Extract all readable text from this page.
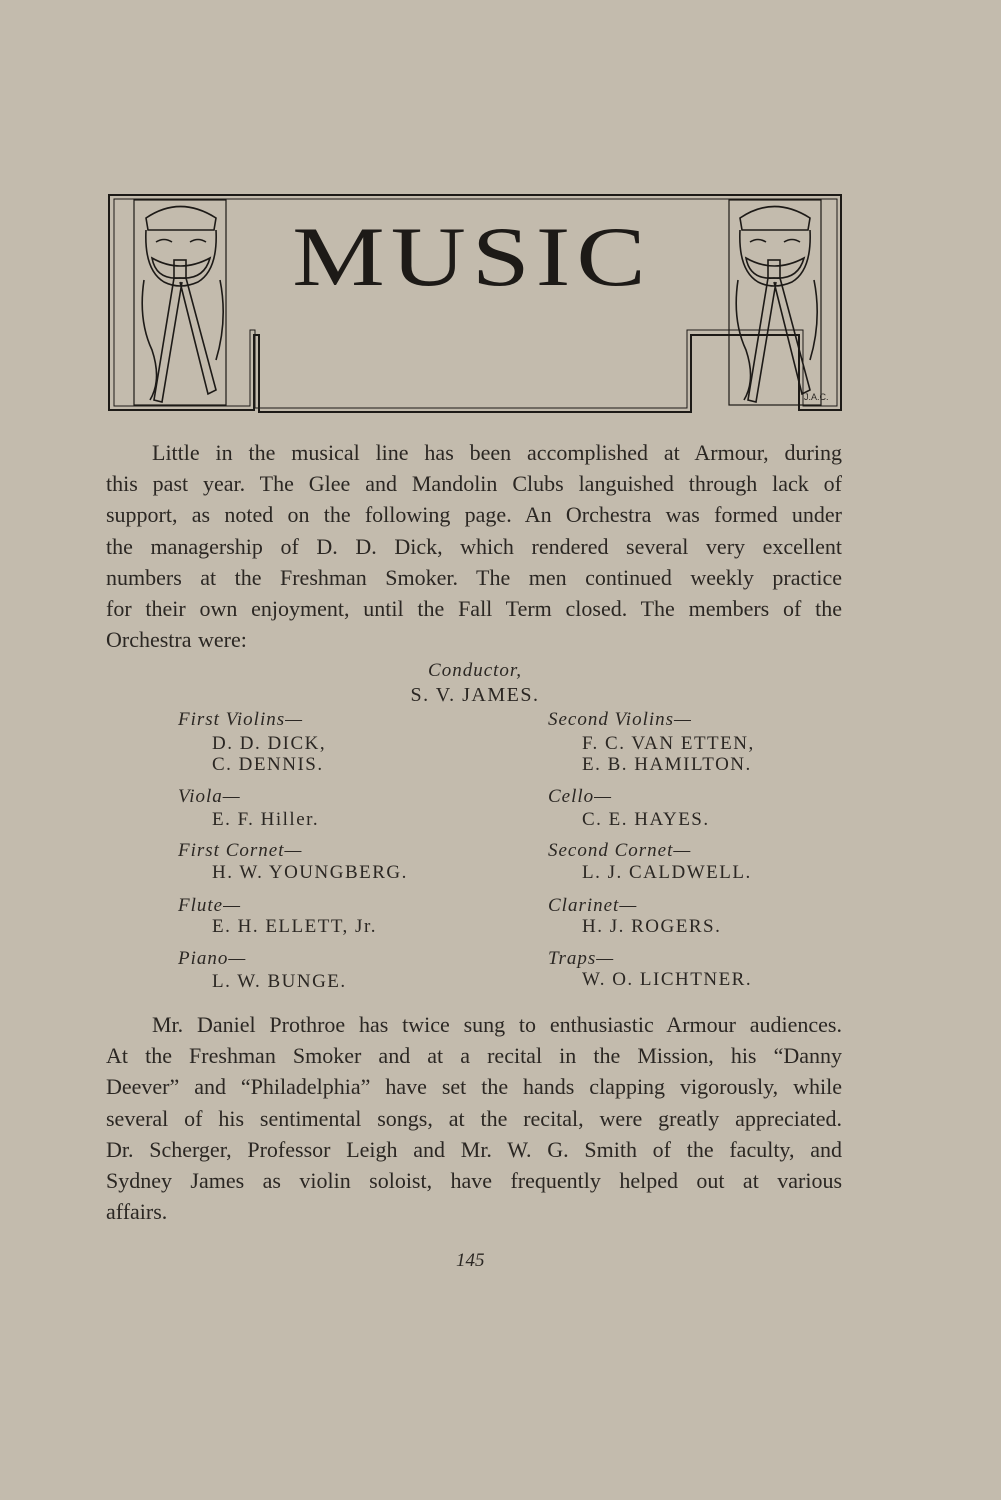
MUSIC
J.A.C.
Little in the musical line has been accomplished at Armour, during
this past year. The Glee and Mandolin Clubs languished through lack of
support, as noted on the following page. An Orchestra was formed under
the managership of D. D. Dick, which rendered several very excellent
numbers at the Freshman Smoker. The men continued weekly practice
for their own enjoyment, until the Fall Term closed. The members of the
Orchestra were:
Conductor,
S. V. JAMES.
First Violins—
D. D. DICK,
C. DENNIS.
Viola—
E. F. Hiller.
First Cornet—
H. W. YOUNGBERG.
Flute—
E. H. ELLETT, Jr.
Piano—
L. W. BUNGE.
Second Violins—
F. C. VAN ETTEN,
E. B. HAMILTON.
Cello—
C. E. HAYES.
Second Cornet—
L. J. CALDWELL.
Clarinet—
H. J. ROGERS.
Traps—
W. O. LICHTNER.
Mr. Daniel Prothroe has twice sung to enthusiastic Armour audiences.
At the Freshman Smoker and at a recital in the Mission, his “Danny
Deever” and “Philadelphia” have set the hands clapping vigorously, while
several of his sentimental songs, at the recital, were greatly appreciated.
Dr. Scherger, Professor Leigh and Mr. W. G. Smith of the faculty, and
Sydney James as violin soloist, have frequently helped out at various
affairs.
145
